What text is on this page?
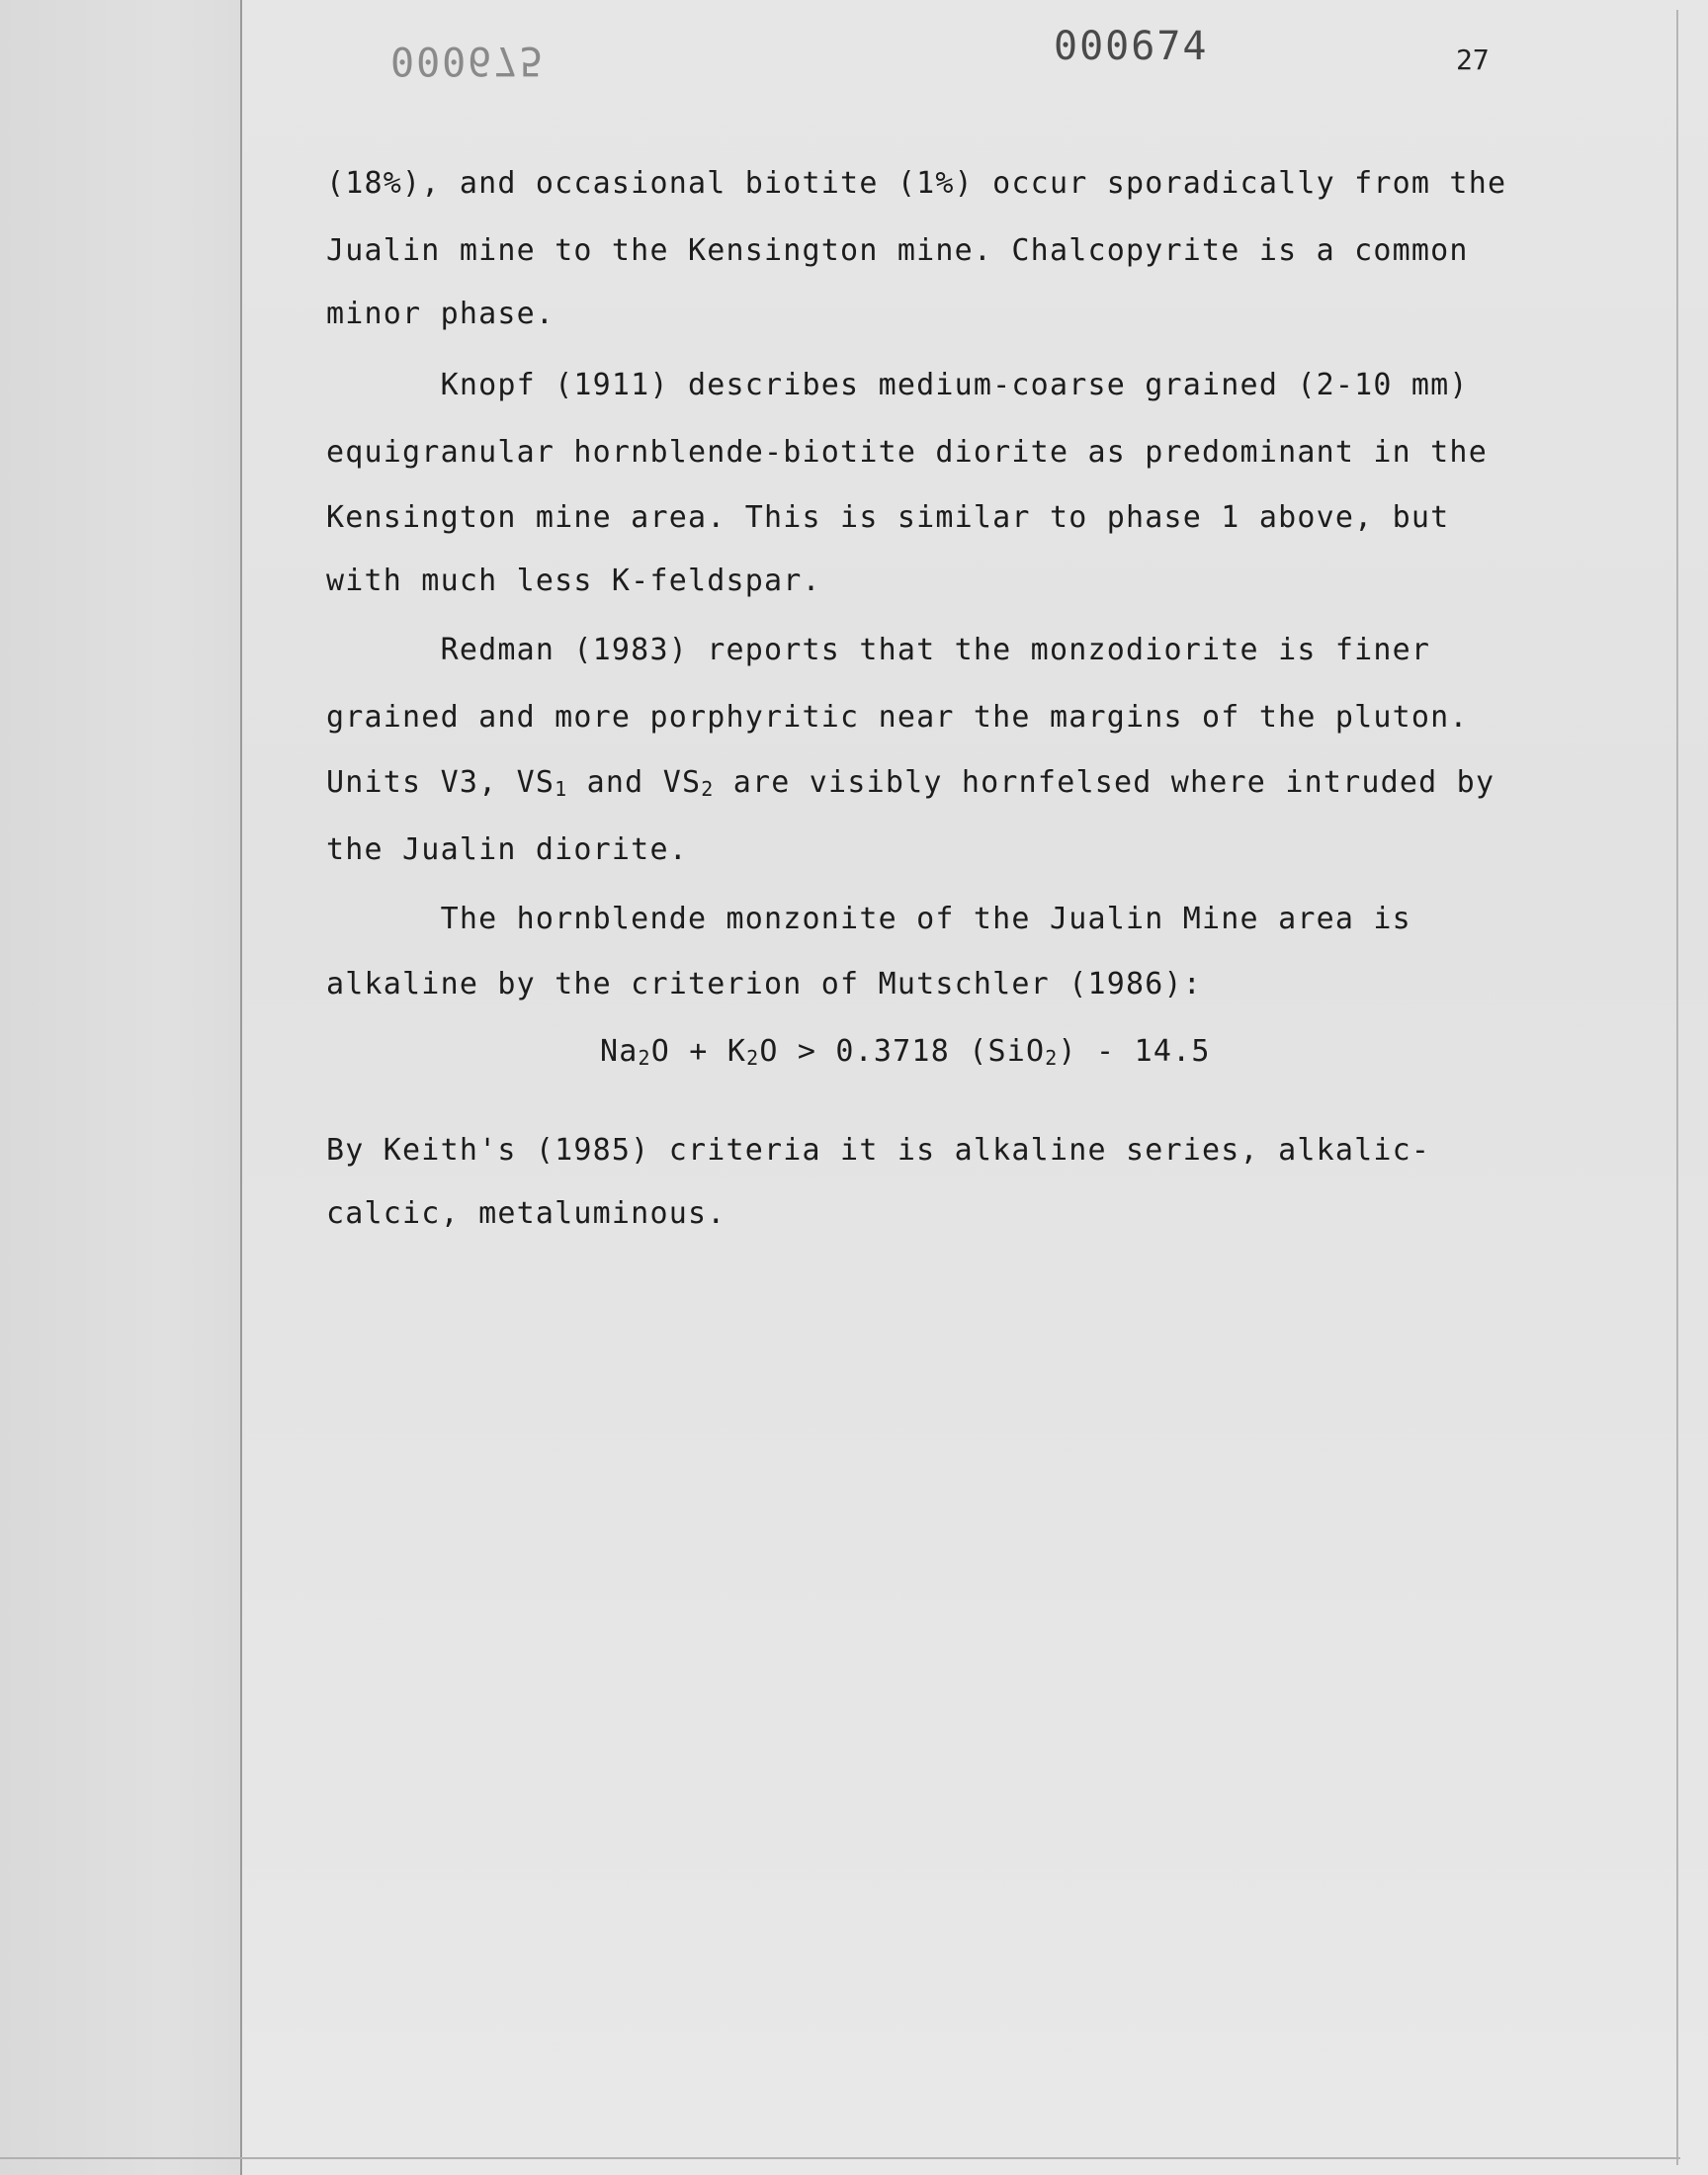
000675	000674	27
(18%), and occasional biotite (1%) occur sporadically from the
Jualin mine to the Kensington mine. Chalcopyrite is a common
minor phase.
Knopf (1911) describes medium-coarse grained (2-10 mm)
equigranular hornblende-biotite diorite as predominant in the
Kensington mine area. This is similar to phase 1 above, but
with much less K-feldspar.
Redman (1983) reports that the monzodiorite is finer
grained and more porphyritic near the margins of the pluton.
Units V3, $VS_1$ and $VS_2$ are visibly hornfelsed where intruded by
the Jualin diorite.
The hornblende monzonite of the Jualin Mine area is
alkaline by the criterion of Mutschler (1986):
$Na_2O + K_2O > 0.3718$ (SiO$_2$) - 14.5
By Keith's (1985) criteria it is alkaline series, alkalic-
calcic, metaluminous.
